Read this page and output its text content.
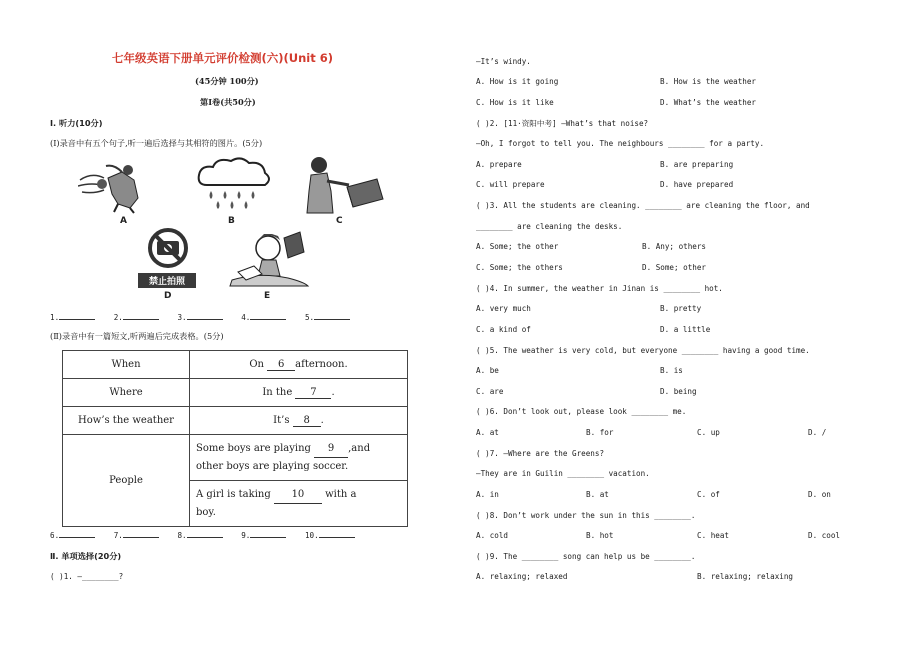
七年级英语下册单元评价检测(六)(Unit 6)
(45分钟 100分)
第Ⅰ卷(共50分)
Ⅰ. 听力(10分)
(Ⅰ)录音中有五个句子,听一遍后选择与其相符的图片。(5分)
A	B	C
禁止拍照
D	E
1.	2.	3.	4.	5.
(Ⅱ)录音中有一篇短文,听两遍后完成表格。(5分)
When	On 6 afternoon.
Where	In the 7 .
How’s the weather	It’s 8 .
People	Some boys are playing 9 ,and
other boys are playing soccer.
	A girl is taking 10 with a
boy.
6.	7.	8.	9.	10.
Ⅱ. 单项选择(20分)
( )1. —________?
—It’s windy.
A. How is it going	B. How is the weather
C. How is it like	D. What’s the weather
( )2. [11·资阳中考] —What’s that noise?
—Oh, I forgot to tell you. The neighbours ________ for a party.
A. prepare	B. are preparing
C. will prepare	D. have prepared
( )3. All the students are cleaning. ________ are cleaning the floor, and
________ are cleaning the desks.
A. Some; the other	B. Any; others
C. Some; the others	D. Some; other
( )4. In summer, the weather in Jinan is ________ hot.
A. very much	B. pretty
C. a kind of	D. a little
( )5. The weather is very cold, but everyone ________ having a good time.
A. be	B. is
C. are	D. being
( )6. Don’t look out, please look ________ me.
A. at	B. for	C. up	D. /
( )7. —Where are the Greens?
—They are in Guilin ________ vacation.
A. in	B. at	C. of	D. on
( )8. Don’t work under the sun in this ________.
A. cold	B. hot	C. heat	D. cool
( )9. The ________ song can help us be ________.
A. relaxing; relaxed	B. relaxing; relaxing
